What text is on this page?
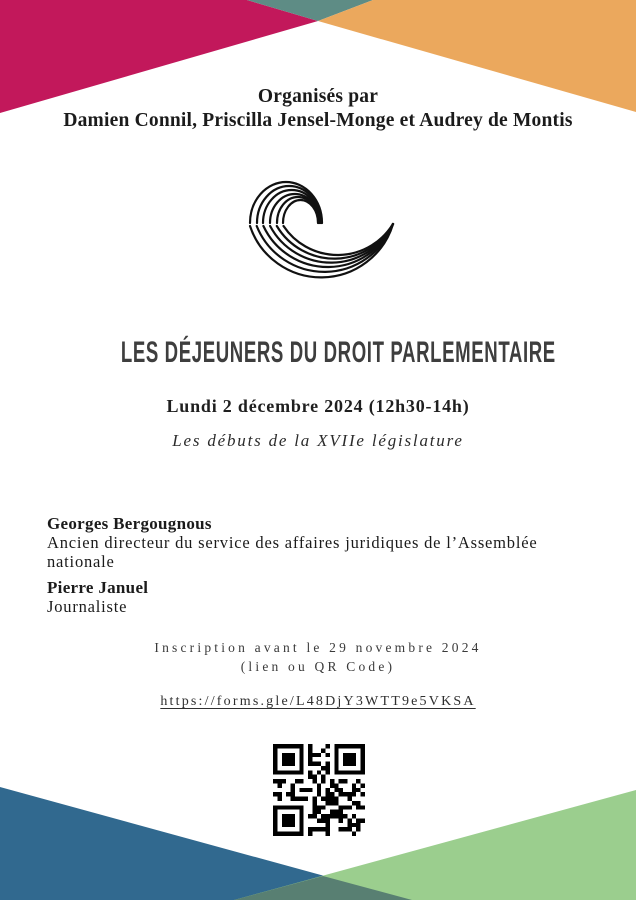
Organisés par
Damien Connil, Priscilla Jensel-Monge et Audrey de Montis
LES DÉJEUNERS DU DROIT PARLEMENTAIRE
Lundi 2 décembre 2024 (12h30-14h)
Les débuts de la XVIIe législature
Georges Bergougnous
Ancien directeur du service des affaires juridiques de l’Assemblée
nationale
Pierre Januel
Journaliste
Inscription avant le 29 novembre 2024
(lien ou QR Code)
https://forms.gle/L48DjY3WTT9e5VKSA
